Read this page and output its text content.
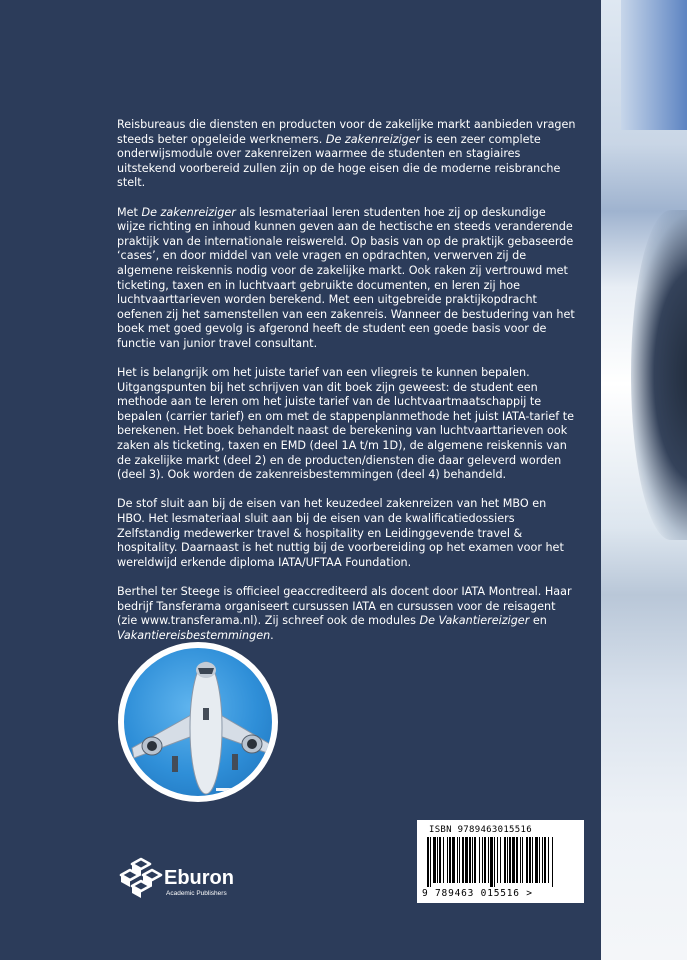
Reisbureaus die diensten en producten voor de zakelijke markt aanbieden vragen steeds beter opgeleide werknemers. De zakenreiziger is een zeer complete onderwijsmodule over zakenreizen waarmee de studenten en stagiaires uitstekend voorbereid zullen zijn op de hoge eisen die de moderne reisbranche stelt.

Met De zakenreiziger als lesmateriaal leren studenten hoe zij op deskundige wijze richting en inhoud kunnen geven aan de hectische en steeds veranderende praktijk van de internationale reiswereld. Op basis van op de praktijk gebaseerde ‘cases’, en door middel van vele vragen en opdrachten, verwerven zij de algemene reiskennis nodig voor de zakelijke markt. Ook raken zij vertrouwd met ticketing, taxen en in luchtvaart gebruikte documenten, en leren zij hoe luchtvaarttarieven worden berekend. Met een uitgebreide praktijkopdracht oefenen zij het samenstellen van een zakenreis. Wanneer de bestudering van het boek met goed gevolg is afgerond heeft de student een goede basis voor de functie van junior travel consultant.

Het is belangrijk om het juiste tarief van een vliegreis te kunnen bepalen. Uitgangspunten bij het schrijven van dit boek zijn geweest: de student een methode aan te leren om het juiste tarief van de luchtvaartmaatschappij te bepalen (carrier tarief) en om met de stappenplanmethode het juist IATA-tarief te berekenen. Het boek behandelt naast de berekening van luchtvaarttarieven ook zaken als ticketing, taxen en EMD (deel 1A t/m 1D), de algemene reiskennis van de zakelijke markt (deel 2) en de producten/diensten die daar geleverd worden (deel 3). Ook worden de zakenreisbestemmingen (deel 4) behandeld.

De stof sluit aan bij de eisen van het keuzedeel zakenreizen van het MBO en HBO. Het lesmateriaal sluit aan bij de eisen van de kwalificatiedossiers Zelfstandig medewerker travel & hospitality en Leidinggevende travel & hospitality. Daarnaast is het nuttig bij de voorbereiding op het examen voor het wereldwijd erkende diploma IATA/UFTAA Foundation.

Berthel ter Steege is officieel geaccrediteerd als docent door IATA Montreal. Haar bedrijf Tansferama organiseert cursussen IATA en cursussen voor de reisagent (zie www.transferama.nl). Zij schreef ook de modules De Vakantiereiziger en Vakantiereisbestemmingen.

ISBN 9789463015516
9 789463 015516 >
Eburon
Academic Publishers
